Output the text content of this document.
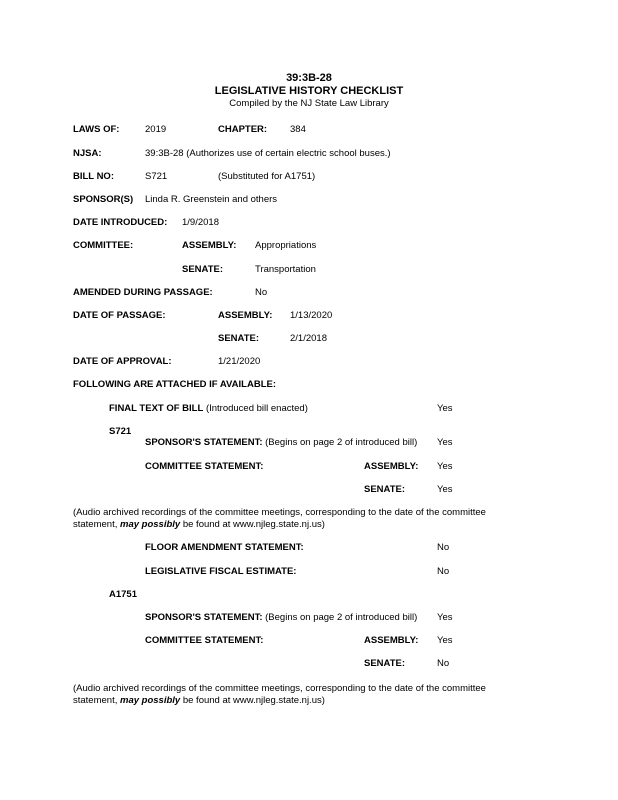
39:3B-28
LEGISLATIVE HISTORY CHECKLIST
Compiled by the NJ State Law Library
LAWS OF:	2019	CHAPTER: 384
NJSA:	39:3B-28 (Authorizes use of certain electric school buses.)
BILL NO:	S721	(Substituted for A1751)
SPONSOR(S) Linda R. Greenstein and others
DATE INTRODUCED: 1/9/2018
COMMITTEE:	ASSEMBLY: Appropriations
SENATE:	Transportation
AMENDED DURING PASSAGE:	No
DATE OF PASSAGE:	ASSEMBLY: 1/13/2020
SENATE:	2/1/2018
DATE OF APPROVAL:	1/21/2020
FOLLOWING ARE ATTACHED IF AVAILABLE:
FINAL TEXT OF BILL (Introduced bill enacted)	Yes
S721
SPONSOR'S STATEMENT: (Begins on page 2 of introduced bill) Yes
COMMITTEE STATEMENT:	ASSEMBLY: Yes
SENATE:	Yes
(Audio archived recordings of the committee meetings, corresponding to the date of the committee statement, may possibly be found at www.njleg.state.nj.us)
FLOOR AMENDMENT STATEMENT:	No
LEGISLATIVE FISCAL ESTIMATE:	No
A1751
SPONSOR'S STATEMENT: (Begins on page 2 of introduced bill) Yes
COMMITTEE STATEMENT:	ASSEMBLY: Yes
SENATE:	No
(Audio archived recordings of the committee meetings, corresponding to the date of the committee statement, may possibly be found at www.njleg.state.nj.us)
